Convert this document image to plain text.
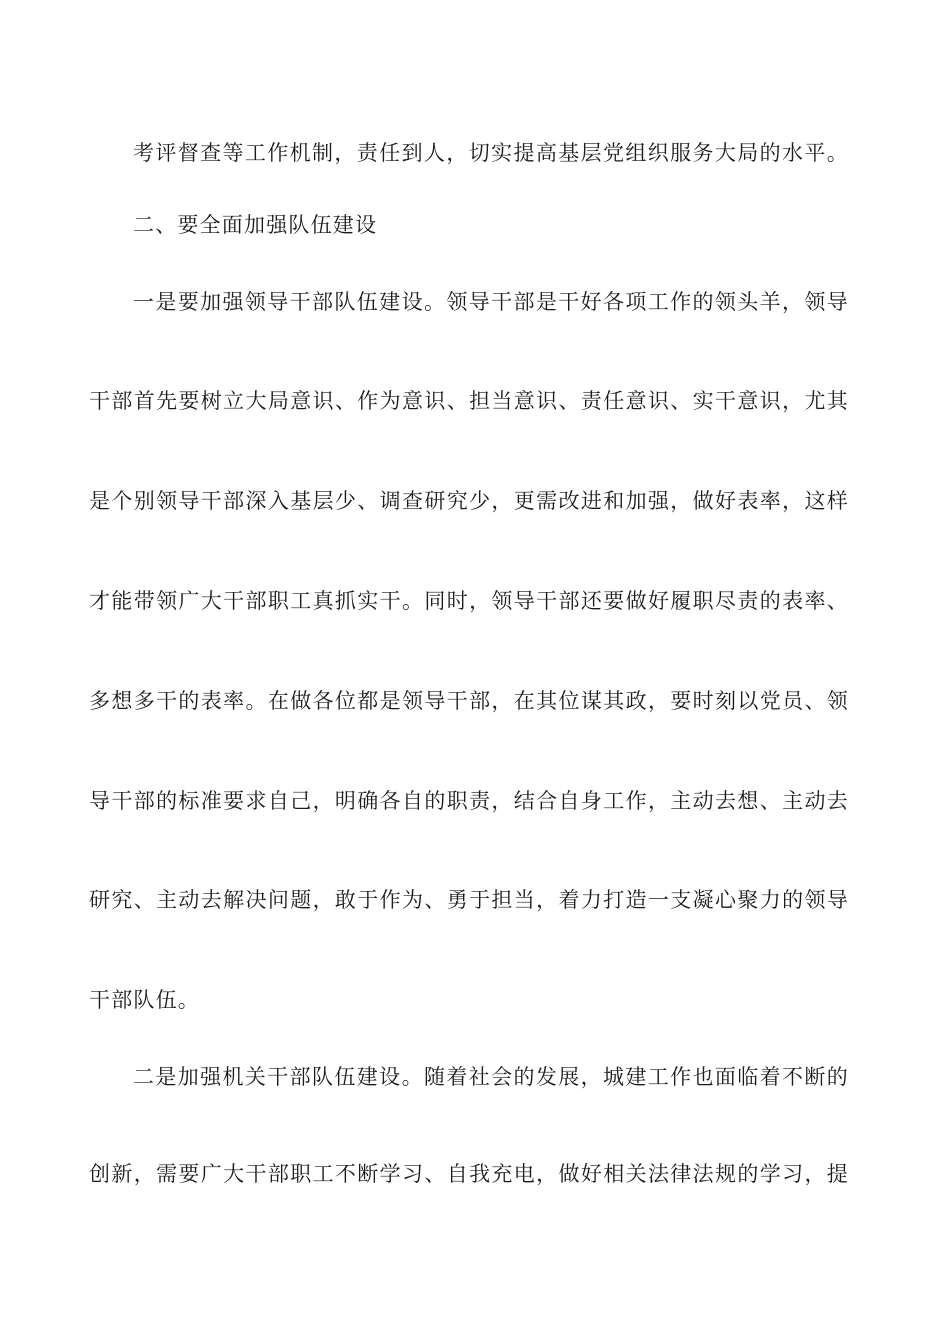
考评督查等工作机制，责任到人，切实提高基层党组织服务大局的水平。
二、要全面加强队伍建设
一是要加强领导干部队伍建设。领导干部是干好各项工作的领头羊，领导
干部首先要树立大局意识、作为意识、担当意识、责任意识、实干意识，尤其
是个别领导干部深入基层少、调查研究少，更需改进和加强，做好表率，这样
才能带领广大干部职工真抓实干。同时，领导干部还要做好履职尽责的表率、
多想多干的表率。在做各位都是领导干部，在其位谋其政，要时刻以党员、领
导干部的标准要求自己，明确各自的职责，结合自身工作，主动去想、主动去
研究、主动去解决问题，敢于作为、勇于担当，着力打造一支凝心聚力的领导
干部队伍。
二是加强机关干部队伍建设。随着社会的发展，城建工作也面临着不断的
创新，需要广大干部职工不断学习、自我充电，做好相关法律法规的学习，提
